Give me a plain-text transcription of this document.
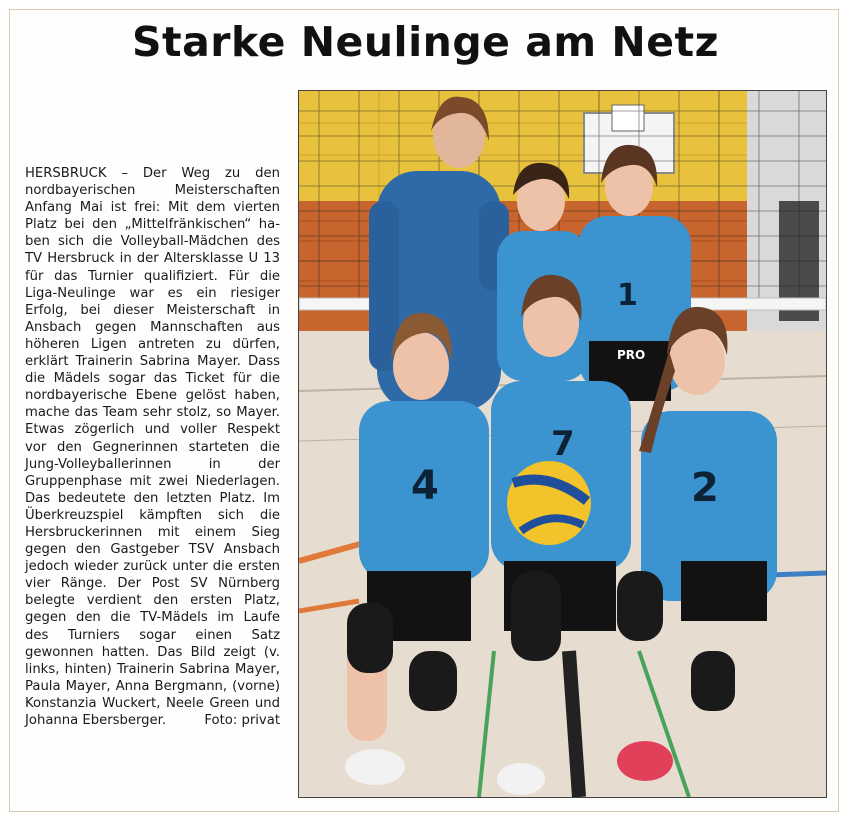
Starke Neulinge am Netz

HERSBRUCK – Der Weg zu den nordbayerischen Meisterschaften Anfang Mai ist frei: Mit dem vierten Platz bei den „Mittelfränkischen“ haben sich die Volleyball-Mädchen des TV Hersbruck in der Altersklasse U 13 für das Turnier qualifiziert. Für die Liga-Neulinge war es ein riesiger Erfolg, bei dieser Meisterschaft in Ansbach gegen Mannschaften aus höheren Ligen antreten zu dürfen, erklärt Trainerin Sabrina Mayer. Dass die Mädels sogar das Ticket für die nordbayerische Ebene gelöst haben, mache das Team sehr stolz, so Mayer. Etwas zögerlich und voller Respekt vor den Gegnerinnen starteten die Jung-Volleyballerinnen in der Gruppenphase mit zwei Niederlagen. Das bedeutete den letzten Platz. Im Überkreuzspiel kämpften sich die Hersbruckerinnen mit einem Sieg gegen den Gastgeber TSV Ansbach jedoch wieder zurück unter die ersten vier Ränge. Der Post SV Nürnberg belegte verdient den ersten Platz, gegen den die TV-Mädels im Laufe des Turniers sogar einen Satz gewonnen hatten. Das Bild zeigt (v. links, hinten) Trainerin Sabrina Mayer, Paula Mayer, Anna Bergmann, (vorne) Konstanzia Wuckert, Neele Green und Johanna Ebersberger.	Foto: privat

PRO
1
4
7
2
